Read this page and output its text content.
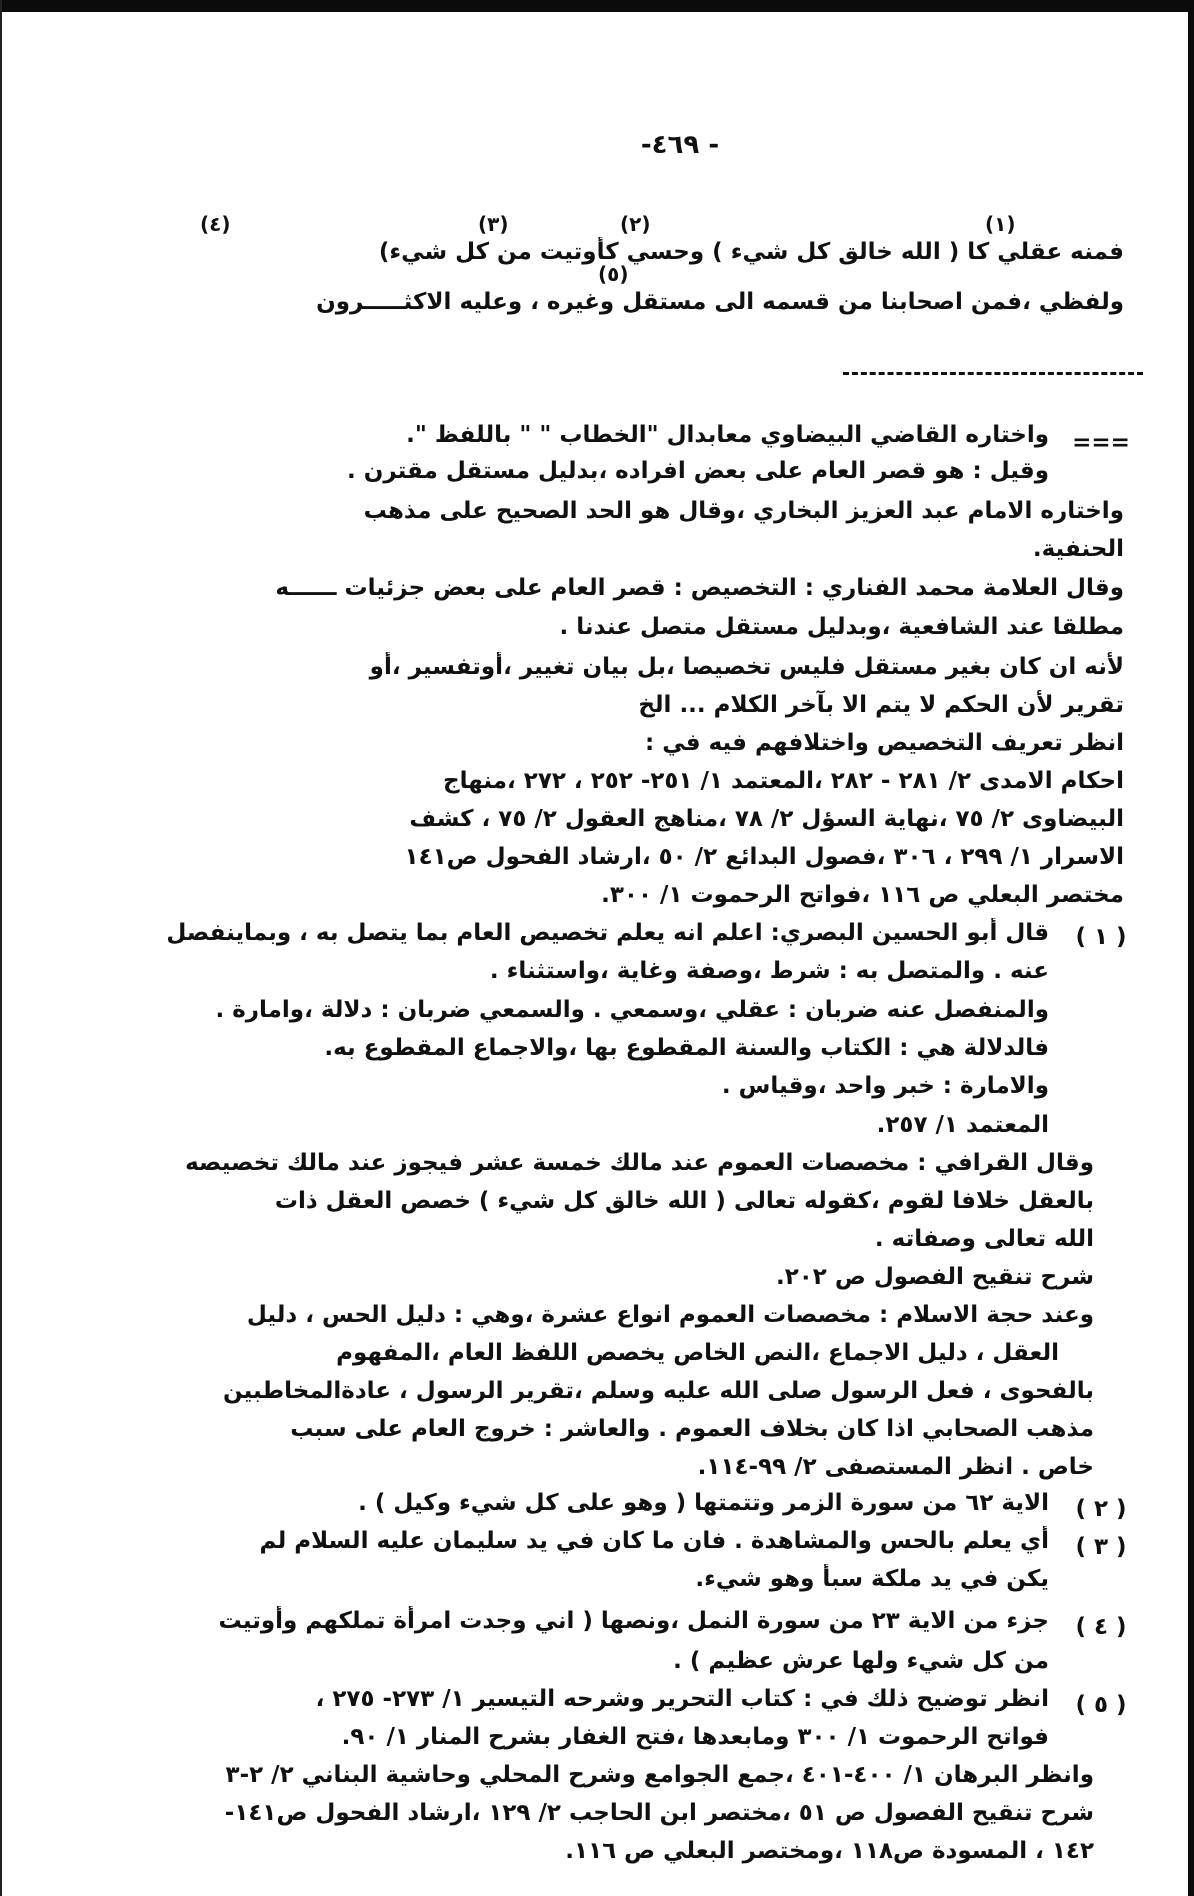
- ٤٦٩-
(١)
(٢)
(٣)
(٤)
فمنه عقلي كا ( الله خالق كل شيء ) وحسي كأوتيت من كل شيء)
(٥)
ولفظي ،فمن اصحابنا من قسمه الى مستقل وغيره ، وعليه الاكثـــــرون
===
واختاره القاضي البيضاوي معابدال "الخطاب " " باللفظ ".
وقيل : هو قصر العام على بعض افراده ،بدليل مستقل مقترن .
واختاره الامام عبد العزيز البخاري ،وقال هو الحد الصحيح على مذهب
الحنفية.
وقال العلامة محمد الفناري : التخصيص : قصر العام على بعض جزئيات ــــــه
مطلقا عند الشافعية ،وبدليل مستقل متصل عندنا .
لأنه ان كان بغير مستقل فليس تخصيصا ،بل بيان تغيير ،أوتفسير ،أو
تقرير لأن الحكم لا يتم الا بآخر الكلام ... الخ
انظر تعريف التخصيص واختلافهم فيه في :
احكام الامدى ٢/ ٢٨١ - ٢٨٢ ،المعتمد ١/ ٢٥١- ٢٥٢ ، ٢٧٢ ،منهاج
البيضاوى ٢/ ٧٥ ،نهاية السؤل ٢/ ٧٨ ،مناهج العقول ٢/ ٧٥ ، كشف
الاسرار ١/ ٢٩٩ ، ٣٠٦ ،فصول البدائع ٢/ ٥٠ ،ارشاد الفحول ص١٤١
مختصر البعلي ص ١١٦ ،فواتح الرحموت ١/ ٣٠٠.
( ١ )
قال أبو الحسين البصري: اعلم انه يعلم تخصيص العام بما يتصل به ، وبماينفصل
عنه . والمتصل به : شرط ،وصفة وغاية ،واستثناء .
والمنفصل عنه ضربان : عقلي ،وسمعي . والسمعي ضربان : دلالة ،وامارة .
فالدلالة هي : الكتاب والسنة المقطوع بها ،والاجماع المقطوع به.
والامارة : خبر واحد ،وقياس .
المعتمد ١/ ٢٥٧.
وقال القرافي : مخصصات العموم عند مالك خمسة عشر فيجوز عند مالك تخصيصه
بالعقل خلافا لقوم ،كقوله تعالى ( الله خالق كل شيء ) خصص العقل ذات
الله تعالى وصفاته .
شرح تنقيح الفصول ص ٢٠٢.
وعند حجة الاسلام : مخصصات العموم انواع عشرة ،وهي : دليل الحس ، دليل
العقل ، دليل الاجماع ،النص الخاص يخصص اللفظ العام ،المفهوم
بالفحوى ، فعل الرسول صلى الله عليه وسلم ،تقرير الرسول ، عادةالمخاطبين
مذهب الصحابي اذا كان بخلاف العموم . والعاشر : خروج العام على سبب
خاص . انظر المستصفى ٢/ ٩٩-١١٤.
( ٢ )
الاية ٦٢ من سورة الزمر وتتمتها ( وهو على كل شيء وكيل ) .
( ٣ )
أي يعلم بالحس والمشاهدة . فان ما كان في يد سليمان عليه السلام لم
يكن في يد ملكة سبأ وهو شيء.
( ٤ )
جزء من الاية ٢٣ من سورة النمل ،ونصها ( اني وجدت امرأة تملكهم وأوتيت
من كل شيء ولها عرش عظيم ) .
( ٥ )
انظر توضيح ذلك في : كتاب التحرير وشرحه التيسير ١/ ٢٧٣- ٢٧٥ ،
فواتح الرحموت ١/ ٣٠٠ ومابعدها ،فتح الغفار بشرح المنار ١/ ٩٠.
وانظر البرهان ١/ ٤٠٠-٤٠١ ،جمع الجوامع وشرح المحلي وحاشية البناني ٢/ ٢-٣
شرح تنقيح الفصول ص ٥١ ،مختصر ابن الحاجب ٢/ ١٢٩ ،ارشاد الفحول ص١٤١-
١٤٢ ، المسودة ص١١٨ ،ومختصر البعلي ص ١١٦.
